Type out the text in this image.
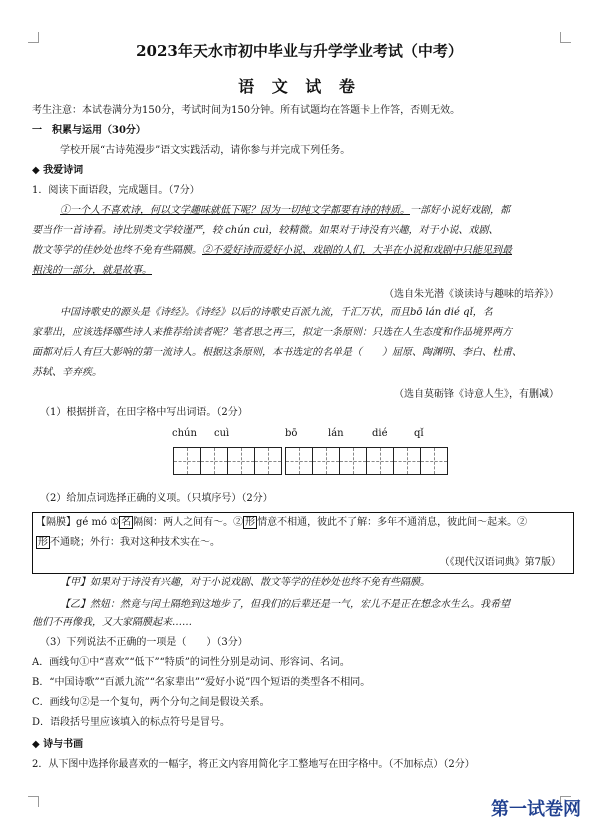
2023年天水市初中毕业与升学学业考试（中考）
语 文 试 卷
考生注意：本试卷满分为150分，考试时间为150分钟。所有试题均在答题卡上作答，否则无效。
一　积累与运用（30分）
学校开展“古诗苑漫步”语文实践活动，请你参与并完成下列任务。
◆ 我爱诗词
1．阅读下面语段，完成题目。（7分）
①一个人不喜欢诗，何以文学趣味就低下呢？因为一切纯文学都要有诗的特质。一部好小说好戏剧，都
要当作一首诗看。诗比别类文学较谨严，较 chún cuì，较精微。如果对于诗没有兴趣，对于小说、戏剧、
散文等学的佳妙处也终不免有些隔膜。②不爱好诗而爱好小说、戏剧的人们，大半在小说和戏剧中只能见到最
粗浅的一部分，就是故事。
（选自朱光潜《谈读诗与趣味的培养》）
中国诗歌史的源头是《诗经》。《诗经》以后的诗歌史百派九流，千汇万状，而且bō lán dié qǐ，名
家辈出，应该选择哪些诗人来推荐给读者呢？笔者思之再三，拟定一条原则：只选在人生态度和作品境界两方
面都对后人有巨大影响的第一流诗人。根据这条原则，本书选定的名单是（　　）屈原、陶渊明、李白、杜甫、
苏轼、辛弃疾。
（选自莫砺锋《诗意人生》，有删减）
（1）根据拼音，在田字格中写出词语。（2分）
chún cuì	bō	lán	dié	qǐ
（2）给加点词选择正确的义项。（只填序号）（2分）
【隔膜】gé mó ① 名 隔阂：两人之间有～。② 形 情意不相通，彼此不了解：多年不通消息，彼此间～起来。②
形 不通晓；外行：我对这种技术实在～。
（《现代汉语词典》第7版）
【甲】如果对于诗没有兴趣，对于小说戏剧、散文等学的佳妙处也终不免有些隔膜。
【乙】然妞：然竟与闰土隔绝到这地步了，但我们的后辈还是一气，宏儿不是正在想念水生么。我希望
他们不再像我，又大家隔膜起来……
（3）下列说法不正确的一项是（　　）（3分）
A．画线句①中“喜欢”“低下”“特质”的词性分别是动词、形容词、名词。
B．“中国诗歌”“百派九流”“名家辈出”“爱好小说”四个短语的类型各不相同。
C．画线句②是一个复句，两个分句之间是假设关系。
D．语段括号里应该填入的标点符号是冒号。
◆ 诗与书画
2．从下图中选择你最喜欢的一幅字，将正文内容用简化字工整地写在田字格中。（不加标点）（2分）
第一试卷网
